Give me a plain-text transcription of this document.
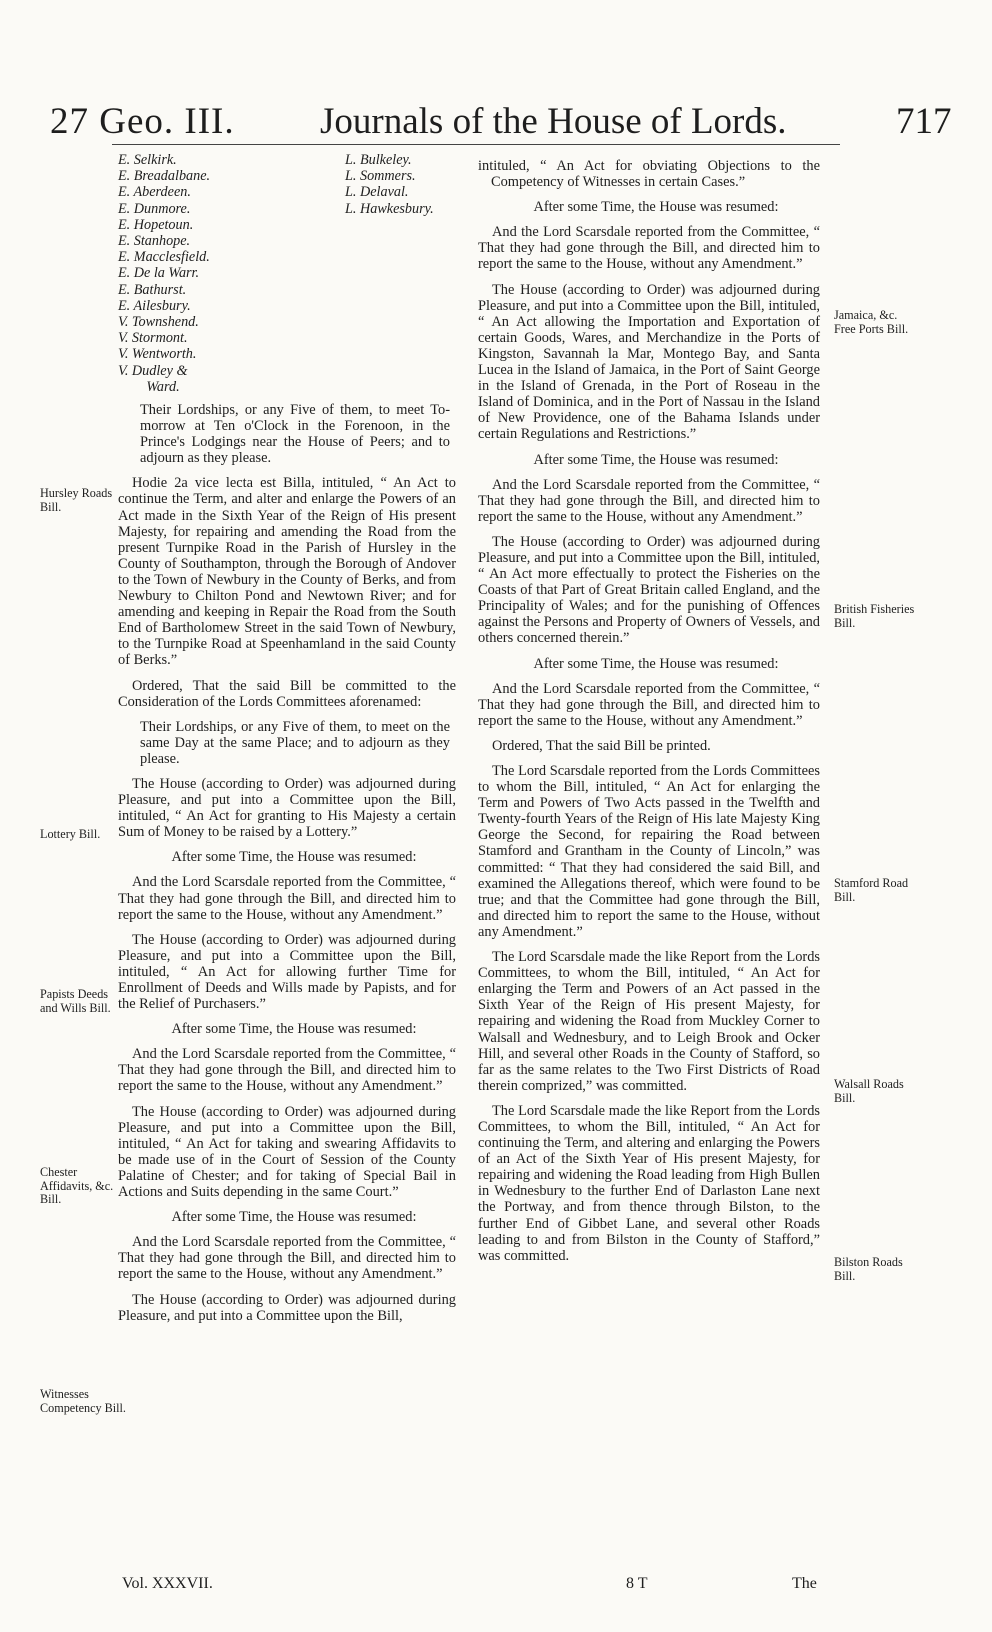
27 Geo. III. Journals of the House of Lords.	717
E. Selkirk.
E. Breadalbane.
E. Aberdeen.
E. Dunmore.
E. Hopetoun.
E. Stanhope.
E. Macclesfield.
E. De la Warr.
E. Bathurst.
E. Ailesbury.
V. Townshend.
V. Stormont.
V. Wentworth.
V. Dudley &
Ward.
L. Bulkeley.
L. Sommers.
L. Delaval.
L. Hawkesbury.

Their Lordships, or any Five of them, to meet To-morrow at Ten o'Clock in the Forenoon, in the Prince's Lodgings near the House of Peers; and to adjourn as they please.

Hodie 2a vice lecta est Billa, intituled, “ An Act to continue the Term, and alter and enlarge the Powers of an Act made in the Sixth Year of the Reign of His present Majesty, for repairing and amending the Road from the present Turnpike Road in the Parish of Hursley in the County of Southampton, through the Borough of Andover to the Town of Newbury in the County of Berks, and from Newbury to Chilton Pond and Newtown River; and for amending and keeping in Repair the Road from the South End of Bartholomew Street in the said Town of Newbury, to the Turnpike Road at Speenhamland in the said County of Berks.”

Ordered, That the said Bill be committed to the Consideration of the Lords Committees aforenamed:

Their Lordships, or any Five of them, to meet on the same Day at the same Place; and to adjourn as they please.

The House (according to Order) was adjourned during Pleasure, and put into a Committee upon the Bill, intituled, “ An Act for granting to His Majesty a certain Sum of Money to be raised by a Lottery.”

After some Time, the House was resumed:

And the Lord Scarsdale reported from the Committee, “ That they had gone through the Bill, and directed him to report the same to the House, without any Amendment.”

The House (according to Order) was adjourned during Pleasure, and put into a Committee upon the Bill, intituled, “ An Act for allowing further Time for Enrollment of Deeds and Wills made by Papists, and for the Relief of Purchasers.”

After some Time, the House was resumed:

And the Lord Scarsdale reported from the Committee, “ That they had gone through the Bill, and directed him to report the same to the House, without any Amendment.”

The House (according to Order) was adjourned during Pleasure, and put into a Committee upon the Bill, intituled, “ An Act for taking and swearing Affidavits to be made use of in the Court of Session of the County Palatine of Chester; and for taking of Special Bail in Actions and Suits depending in the same Court.”

After some Time, the House was resumed:

And the Lord Scarsdale reported from the Committee, “ That they had gone through the Bill, and directed him to report the same to the House, without any Amendment.”

The House (according to Order) was adjourned during Pleasure, and put into a Committee upon the Bill,

intituled, “ An Act for obviating Objections to the Competency of Witnesses in certain Cases.”

After some Time, the House was resumed:

And the Lord Scarsdale reported from the Committee, “ That they had gone through the Bill, and directed him to report the same to the House, without any Amendment.”

The House (according to Order) was adjourned during Pleasure, and put into a Committee upon the Bill, intituled, “ An Act allowing the Importation and Exportation of certain Goods, Wares, and Merchandize in the Ports of Kingston, Savannah la Mar, Montego Bay, and Santa Lucea in the Island of Jamaica, in the Port of Saint George in the Island of Grenada, in the Port of Roseau in the Island of Dominica, and in the Port of Nassau in the Island of New Providence, one of the Bahama Islands under certain Regulations and Restrictions.”

After some Time, the House was resumed:

And the Lord Scarsdale reported from the Committee, “ That they had gone through the Bill, and directed him to report the same to the House, without any Amendment.”

The House (according to Order) was adjourned during Pleasure, and put into a Committee upon the Bill, intituled, “ An Act more effectually to protect the Fisheries on the Coasts of that Part of Great Britain called England, and the Principality of Wales; and for the punishing of Offences against the Persons and Property of Owners of Vessels, and others concerned therein.”

After some Time, the House was resumed:

And the Lord Scarsdale reported from the Committee, “ That they had gone through the Bill, and directed him to report the same to the House, without any Amendment.”

Ordered, That the said Bill be printed.

The Lord Scarsdale reported from the Lords Committees to whom the Bill, intituled, “ An Act for enlarging the Term and Powers of Two Acts passed in the Twelfth and Twenty-fourth Years of the Reign of His late Majesty King George the Second, for repairing the Road between Stamford and Grantham in the County of Lincoln,” was committed: “ That they had considered the said Bill, and examined the Allegations thereof, which were found to be true; and that the Committee had gone through the Bill, and directed him to report the same to the House, without any Amendment.”

The Lord Scarsdale made the like Report from the Lords Committees, to whom the Bill, intituled, “ An Act for enlarging the Term and Powers of an Act passed in the Sixth Year of the Reign of His present Majesty, for repairing and widening the Road from Muckley Corner to Walsall and Wednesbury, and to Leigh Brook and Ocker Hill, and several other Roads in the County of Stafford, so far as the same relates to the Two First Districts of Road therein comprized,” was committed.

The Lord Scarsdale made the like Report from the Lords Committees, to whom the Bill, intituled, “ An Act for continuing the Term, and altering and enlarging the Powers of an Act of the Sixth Year of His present Majesty, for repairing and widening the Road leading from High Bullen in Wednesbury to the further End of Darlaston Lane next the Portway, and from thence through Bilston, to the further End of Gibbet Lane, and several other Roads leading to and from Bilston in the County of Stafford,” was committed.

Hursley Roads Bill.
Lottery Bill.
Papists Deeds and Wills Bill.
Chester Affidavits, &c. Bill.
Witnesses Competency Bill.
Jamaica, &c. Free Ports Bill.
British Fisheries Bill.
Stamford Road Bill.
Walsall Roads Bill.
Bilston Roads Bill.
Vol. XXXVII.	8 T	The
